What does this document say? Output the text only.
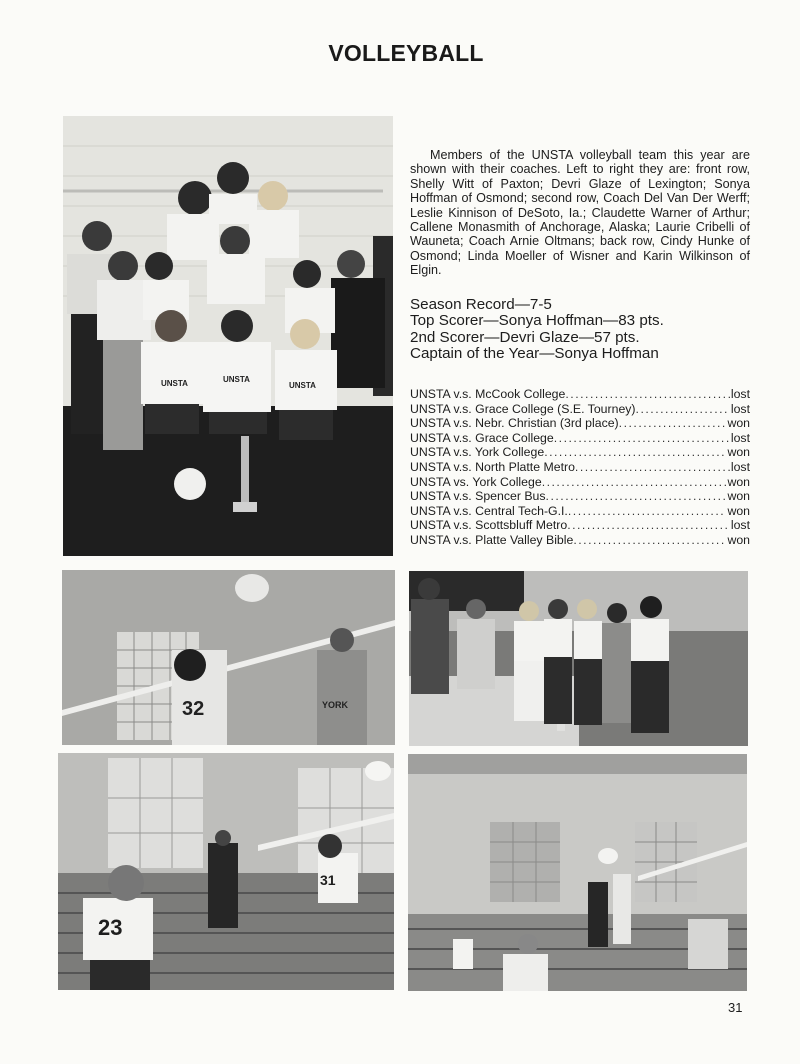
VOLLEYBALL
UNSTA	UNSTA
UNSTA
Members of the UNSTA volleyball team this year are shown with their coaches. Left to right they are: front row, Shelly Witt of Paxton; Devri Glaze of Lexington; Sonya Hoffman of Osmond; second row, Coach Del Van Der Werff; Leslie Kinnison of DeSoto, Ia.; Claudette Warner of Arthur; Callene Monasmith of Anchorage, Alaska; Laurie Cribelli of Wauneta; Coach Arnie Oltmans; back row, Cindy Hunke of Osmond; Linda Moeller of Wisner and Karin Wilkinson of Elgin.
Season Record—7-5
Top Scorer—Sonya Hoffman—83 pts.
2nd Scorer—Devri Glaze—57 pts.
Captain of the Year—Sonya Hoffman
UNSTA v.s. McCook College .....	lost
UNSTA v.s. Grace College (S.E. Tourney) .....	lost
UNSTA v.s. Nebr. Christian (3rd place) .....	won
UNSTA v.s. Grace College .....	lost
UNSTA v.s. York College .....	won
UNSTA v.s. North Platte Metro .....	lost
UNSTA vs. York College .....	won
UNSTA v.s. Spencer Bus .....	won
UNSTA v.s. Central Tech-G.I. .....	won
UNSTA v.s. Scottsbluff Metro .....	lost
UNSTA v.s. Platte Valley Bible .....	won
32	YORK
23
31
31
